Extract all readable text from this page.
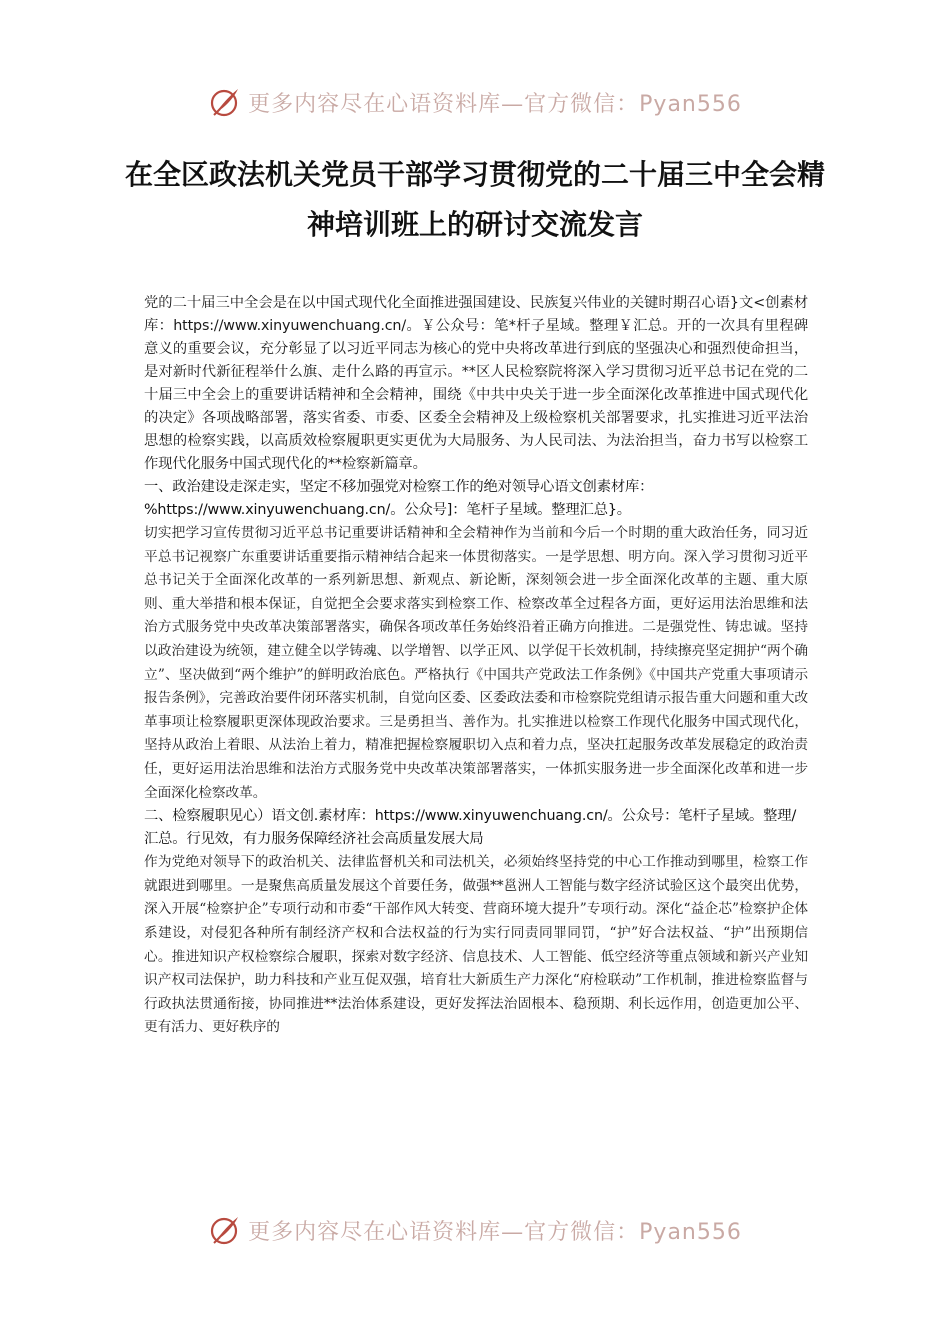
更多内容尽在心语资料库—官方微信：Pyan556
在全区政法机关党员干部学习贯彻党的二十届三中全会精神培训班上的研讨交流发言

党的二十届三中全会是在以中国式现代化全面推进强国建设、民族复兴伟业的关键时期召心语}文<创素材库：https://www.xinyuwenchuang.cn/。￥公众号：笔*杆子星域。整理￥汇总。开的一次具有里程碑意义的重要会议，充分彰显了以习近平同志为核心的党中央将改革进行到底的坚强决心和强烈使命担当，是对新时代新征程举什么旗、走什么路的再宣示。**区人民检察院将深入学习贯彻习近平总书记在党的二十届三中全会上的重要讲话精神和全会精神，围绕《中共中央关于进一步全面深化改革推进中国式现代化的决定》各项战略部署，落实省委、市委、区委全会精神及上级检察机关部署要求，扎实推进习近平法治思想的检察实践，以高质效检察履职更实更优为大局服务、为人民司法、为法治担当，奋力书写以检察工作现代化服务中国式现代化的**检察新篇章。

一、政治建设走深走实，坚定不移加强党对检察工作的绝对领导心语文创素材库：%https://www.xinyuwenchuang.cn/。公众号]：笔杆子星域。整理汇总}。

切实把学习宣传贯彻习近平总书记重要讲话精神和全会精神作为当前和今后一个时期的重大政治任务，同习近平总书记视察广东重要讲话重要指示精神结合起来一体贯彻落实。一是学思想、明方向。深入学习贯彻习近平总书记关于全面深化改革的一系列新思想、新观点、新论断，深刻领会进一步全面深化改革的主题、重大原则、重大举措和根本保证，自觉把全会要求落实到检察工作、检察改革全过程各方面，更好运用法治思维和法治方式服务党中央改革决策部署落实，确保各项改革任务始终沿着正确方向推进。二是强党性、铸忠诚。坚持以政治建设为统领，建立健全以学铸魂、以学增智、以学正风、以学促干长效机制，持续擦亮坚定拥护“两个确立”、坚决做到“两个维护”的鲜明政治底色。严格执行《中国共产党政法工作条例》《中国共产党重大事项请示报告条例》，完善政治要件闭环落实机制，自觉向区委、区委政法委和市检察院党组请示报告重大问题和重大改革事项让检察履职更深体现政治要求。三是勇担当、善作为。扎实推进以检察工作现代化服务中国式现代化，坚持从政治上着眼、从法治上着力，精准把握检察履职切入点和着力点，坚决扛起服务改革发展稳定的政治责任，更好运用法治思维和法治方式服务党中央改革决策部署落实，一体抓实服务进一步全面深化改革和进一步全面深化检察改革。

二、检察履职见心）语文创.素材库：https://www.xinyuwenchuang.cn/。公众号：笔杆子星域。整理/汇总。行见效，有力服务保障经济社会高质量发展大局

作为党绝对领导下的政治机关、法律监督机关和司法机关，必须始终坚持党的中心工作推动到哪里，检察工作就跟进到哪里。一是聚焦高质量发展这个首要任务，做强**邕洲人工智能与数字经济试验区这个最突出优势，深入开展“检察护企”专项行动和市委“干部作风大转变、营商环境大提升”专项行动。深化“益企芯”检察护企体系建设，对侵犯各种所有制经济产权和合法权益的行为实行同责同罪同罚，“护”好合法权益、“护”出预期信心。推进知识产权检察综合履职，探索对数字经济、信息技术、人工智能、低空经济等重点领域和新兴产业知识产权司法保护，助力科技和产业互促双强，培育壮大新质生产力深化“府检联动”工作机制，推进检察监督与行政执法贯通衔接，协同推进**法治体系建设，更好发挥法治固根本、稳预期、利长远作用，创造更加公平、更有活力、更好秩序的

更多内容尽在心语资料库—官方微信：Pyan556
